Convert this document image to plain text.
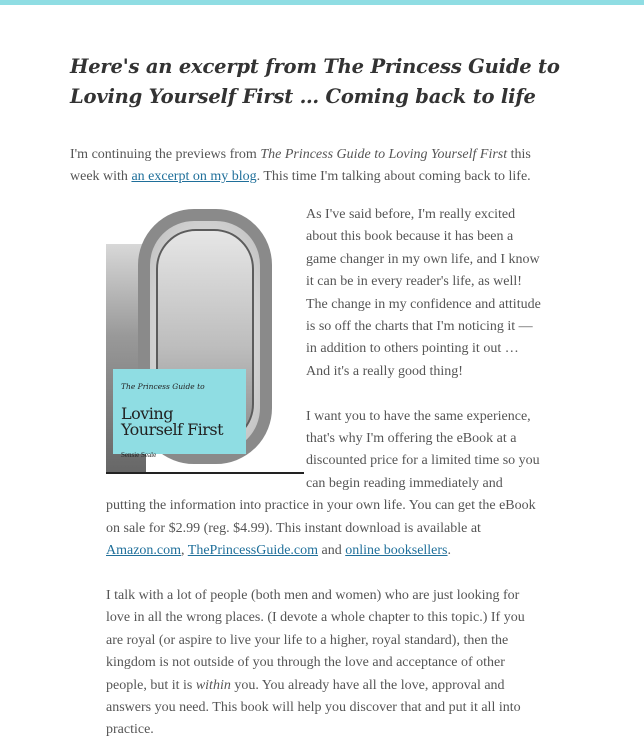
Here's an excerpt from The Princess Guide to
Loving Yourself First … Coming back to life

I'm continuing the previews from The Princess Guide to Loving Yourself First this week with an excerpt on my blog. This time I'm talking about coming back to life.

The Princess Guide to
Loving
Yourself First
Sensie Seale

As I've said before, I'm really excited about this book because it has been a game changer in my own life, and I know it can be in every reader's life, as well! The change in my confidence and attitude is so off the charts that I'm noticing it — in addition to others pointing it out … And it's a really good thing!

I want you to have the same experience, that's why I'm offering the eBook at a discounted price for a limited time so you can begin reading immediately and putting the information into practice in your own life. You can get the eBook on sale for $2.99 (reg. $4.99). This instant download is available at Amazon.com, ThePrincessGuide.com and online booksellers.

I talk with a lot of people (both men and women) who are just looking for love in all the wrong places. (I devote a whole chapter to this topic.) If you are royal (or aspire to live your life to a higher, royal standard), then the kingdom is not outside of you through the love and acceptance of other people, but it is within you. You already have all the love, approval and answers you need. This book will help you discover that and put it all into practice.
